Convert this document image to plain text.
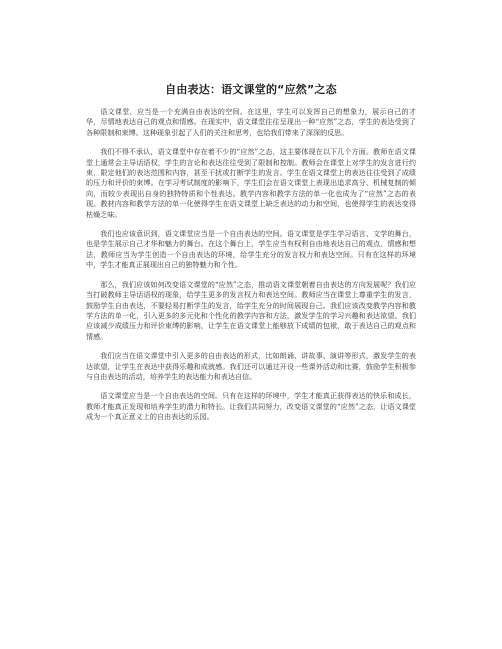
自由表达：语文课堂的“应然”之态

语文课堂，应当是一个充满自由表达的空间。在这里，学生可以发挥自己的想象力，展示自己的才华，尽情地表达自己的观点和情感。在现实中，语文课堂往往呈现出一种“应然”之态，学生的表达受到了各种限制和束缚。这种现象引起了人们的关注和思考，也给我们带来了深深的反思。

我们不得不承认，语文课堂中存在着不少的“应然”之态，这主要体现在以下几个方面。教师在语文课堂上通常会主导话语权，学生的言论和表达往往受到了限制和控制。教师会在课堂上对学生的发言进行约束，限定他们的表达范围和内容，甚至干扰或打断学生的发言。学生在语文课堂上的表达往往受到了成绩的压力和评价的束缚。在学习考试制度的影响下，学生们会在语文课堂上表现出追求高分、机械复制的倾向，而较少表现出自身的独特特质和个性表达。教学内容和教学方法的单一化也成为了“应然”之态的表现。教材内容和教学方法的单一化使得学生在语文课堂上缺乏表达的动力和空间，也使得学生的表达变得枯燥乏味。

我们也应该意识到，语文课堂应当是一个自由表达的空间。语文课堂是学生学习语言、文学的舞台，也是学生展示自己才华和魅力的舞台。在这个舞台上，学生应当有权利自由地表达自己的观点、情感和想法，教师应当为学生创造一个自由表达的环境，给学生充分的发言权力和表达空间。只有在这样的环境中，学生才能真正展现出自己的独特魅力和个性。

那么，我们应该如何改变语文课堂的“应然”之态，推动语文课堂朝着自由表达的方向发展呢？我们应当打破教师主导话语权的现象，给学生更多的发言权力和表达空间。教师应当在课堂上尊重学生的发言，鼓励学生自由表达，不要轻易打断学生的发言，给学生充分的时间展现自己。我们应该改变教学内容和教学方法的单一化，引入更多的多元化和个性化的教学内容和方法，激发学生的学习兴趣和表达欲望。我们应该减少成绩压力和评价束缚的影响，让学生在语文课堂上能够放下成绩的包袱，敢于表达自己的观点和情感。

我们应当在语文课堂中引入更多的自由表达的形式，比如朗诵、讲故事、演讲等形式，激发学生的表达欲望，让学生在表达中获得乐趣和成就感。我们还可以通过开设一些课外活动和比赛，鼓励学生积极参与自由表达的活动，培养学生的表达能力和表达自信。

语文课堂应当是一个自由表达的空间。只有在这样的环境中，学生才能真正获得表达的快乐和成长，教师才能真正发现和培养学生的潜力和特长。让我们共同努力，改变语文课堂的“应然”之态，让语文课堂成为一个真正意义上的自由表达的乐园。
